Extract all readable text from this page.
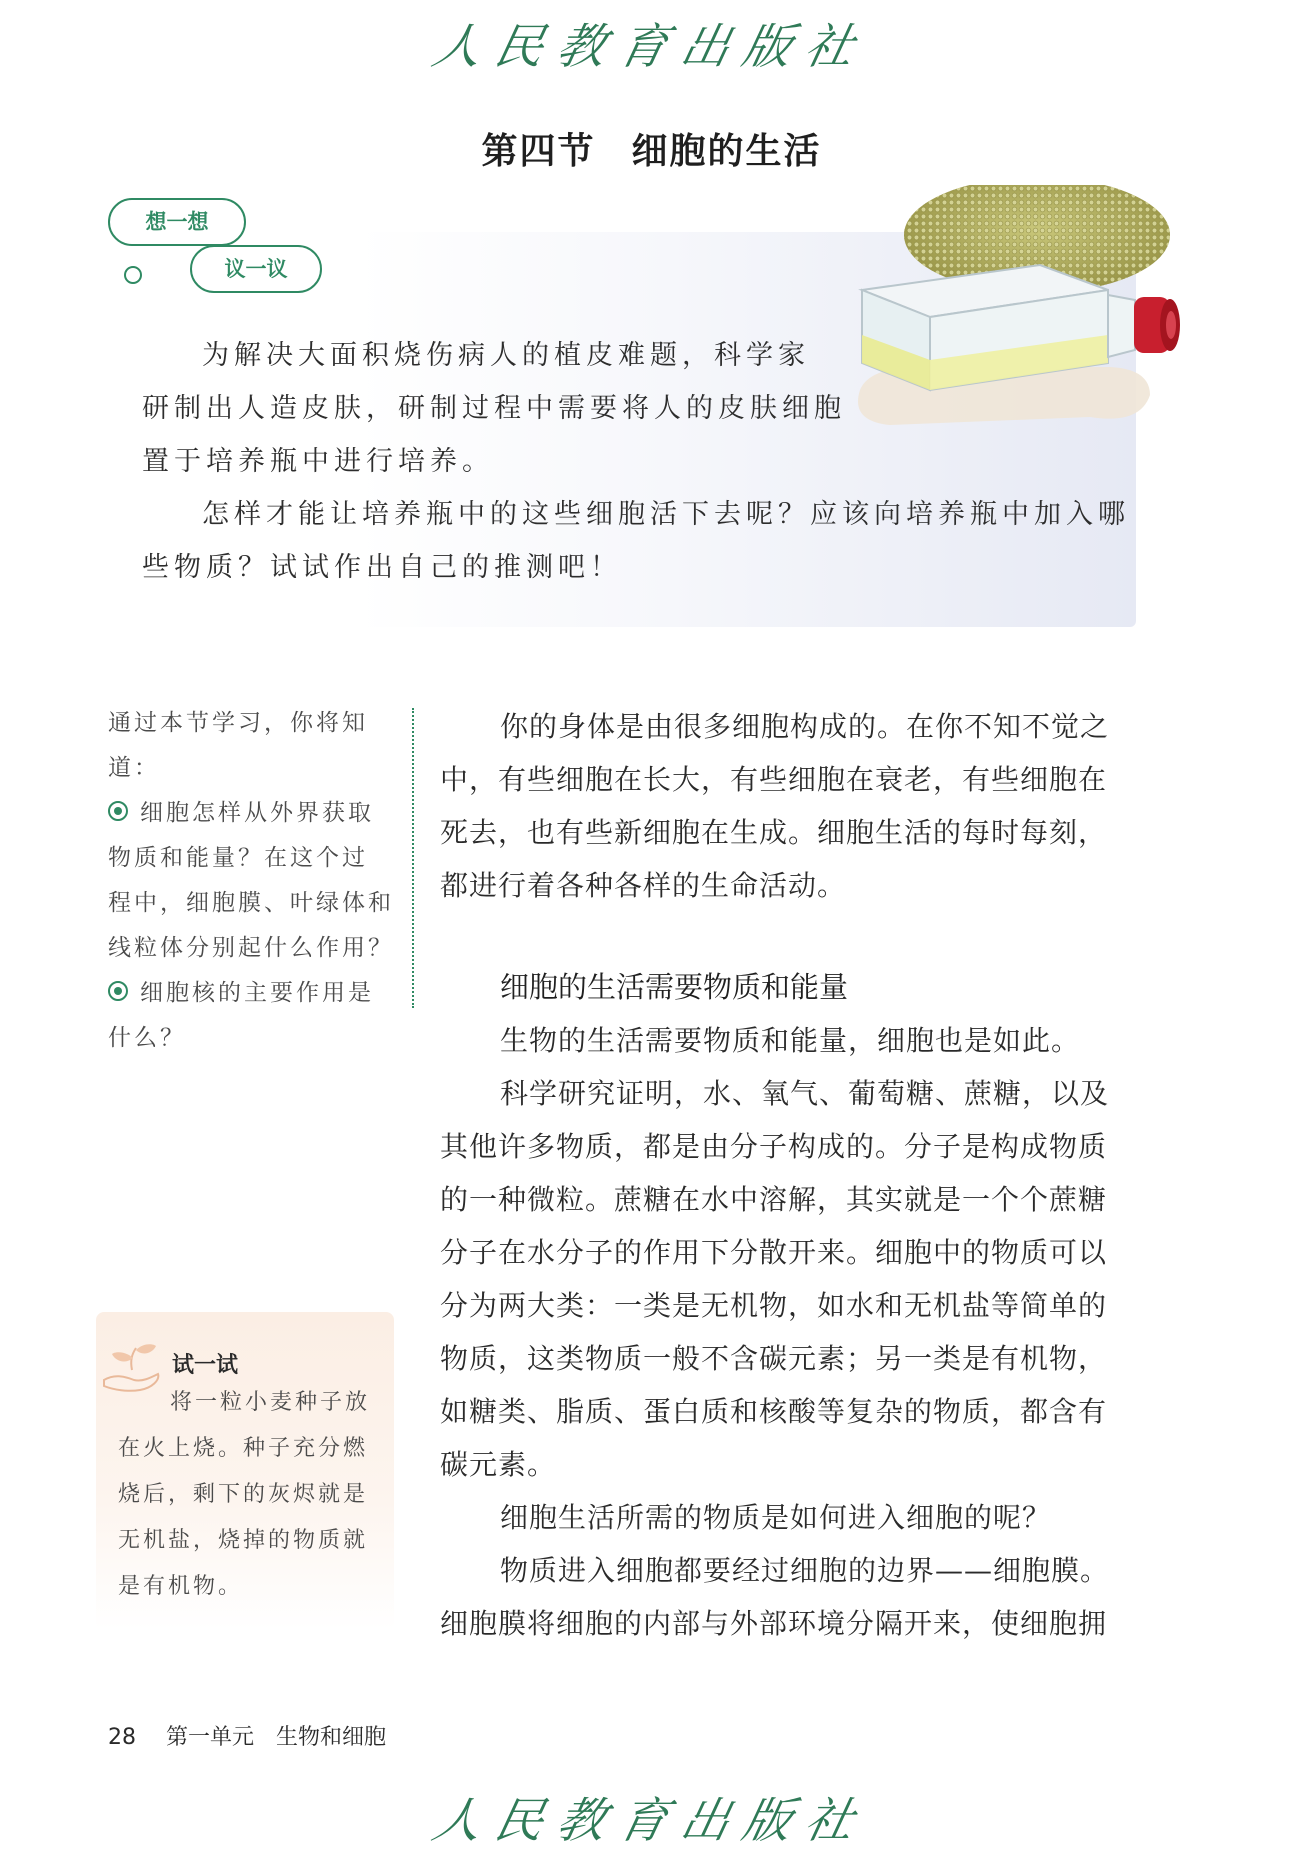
人民教育出版社
第四节 细胞的生活
想一想
议一议

为解决大面积烧伤病人的植皮难题，科学家

研制出人造皮肤，研制过程中需要将人的皮肤细胞

置于培养瓶中进行培养。

怎样才能让培养瓶中的这些细胞活下去呢？应该向培养瓶中加入哪

些物质？试试作出自己的推测吧！

通过本节学习，你将知道：

细胞怎样从外界获取

物质和能量？在这个过

程中，细胞膜、叶绿体和

线粒体分别起什么作用？

细胞核的主要作用是

什么？

你的身体是由很多细胞构成的。在你不知不觉之

中，有些细胞在长大，有些细胞在衰老，有些细胞在

死去，也有些新细胞在生成。细胞生活的每时每刻，

都进行着各种各样的生命活动。

细胞的生活需要物质和能量

生物的生活需要物质和能量，细胞也是如此。

科学研究证明，水、氧气、葡萄糖、蔗糖，以及

其他许多物质，都是由分子构成的。分子是构成物质

的一种微粒。蔗糖在水中溶解，其实就是一个个蔗糖

分子在水分子的作用下分散开来。细胞中的物质可以

分为两大类：一类是无机物，如水和无机盐等简单的

物质，这类物质一般不含碳元素；另一类是有机物，

如糖类、脂质、蛋白质和核酸等复杂的物质，都含有

碳元素。

细胞生活所需的物质是如何进入细胞的呢？

物质进入细胞都要经过细胞的边界——细胞膜。

细胞膜将细胞的内部与外部环境分隔开来，使细胞拥

试一试

将一粒小麦种子放

在火上烧。种子充分燃

烧后，剩下的灰烬就是

无机盐，烧掉的物质就

是有机物。

28 第一单元　生物和细胞
人民教育出版社
